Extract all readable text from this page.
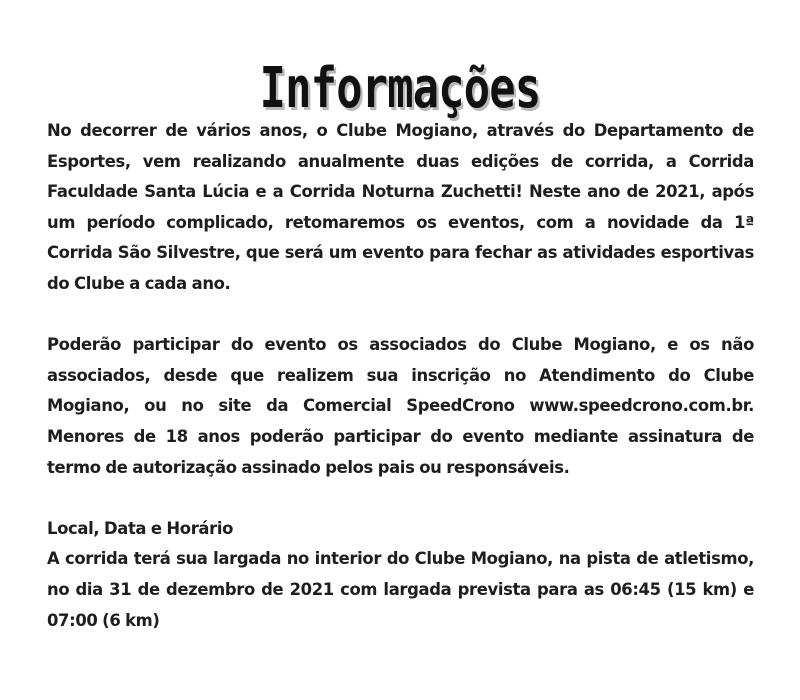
Informações

No decorrer de vários anos, o Clube Mogiano, através do Departamento de Esportes, vem realizando anualmente duas edições de corrida, a Corrida Faculdade Santa Lúcia e a Corrida Noturna Zuchetti! Neste ano de 2021, após um período complicado, retomaremos os eventos, com a novidade da 1ª Corrida São Silvestre, que será um evento para fechar as atividades esportivas do Clube a cada ano.

Poderão participar do evento os associados do Clube Mogiano, e os não associados, desde que realizem sua inscrição no Atendimento do Clube Mogiano, ou no site da Comercial SpeedCrono www.speedcrono.com.br. Menores de 18 anos poderão participar do evento mediante assinatura de termo de autorização assinado pelos pais ou responsáveis.

Local, Data e Horário

A corrida terá sua largada no interior do Clube Mogiano, na pista de atletismo, no dia 31 de dezembro de 2021 com largada prevista para as 06:45 (15 km) e 07:00 (6 km)
